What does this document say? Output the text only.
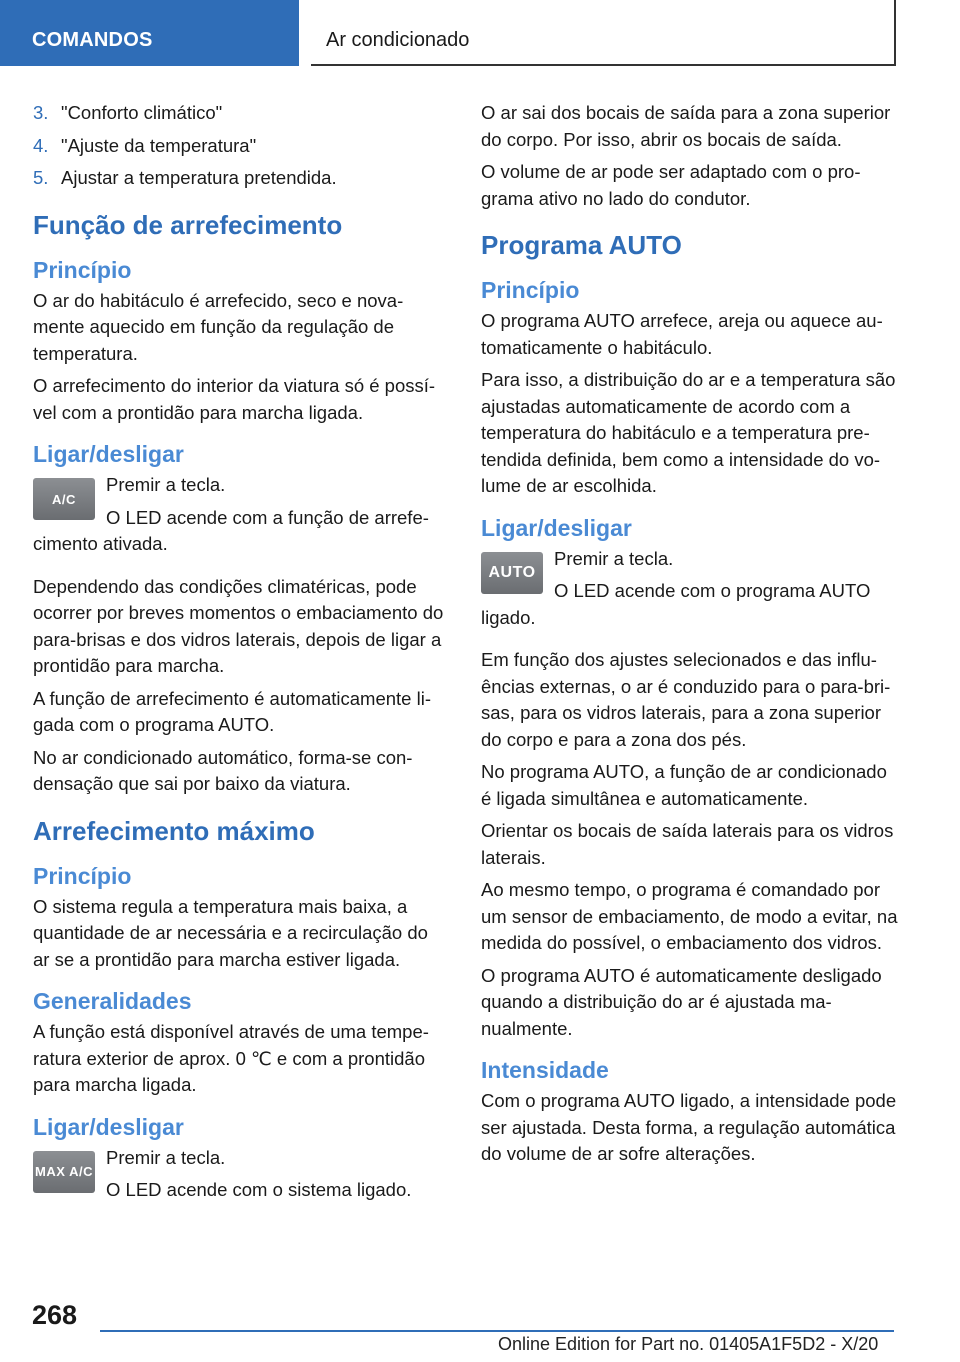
COMANDOS	Ar condicionado
3. "Conforto climático"
4. "Ajuste da temperatura"
5. Ajustar a temperatura pretendida.
Função de arrefecimento
Princípio

O ar do habitáculo é arrefecido, seco e novamente aquecido em função da regulação de temperatura.

O arrefecimento do interior da viatura só é possível com a prontidão para marcha ligada.

Ligar/desligar
A/C

Premir a tecla.

O LED acende com a função de arrefecimento ativada.

Dependendo das condições climatéricas, pode ocorrer por breves momentos o embaciamento do para-brisas e dos vidros laterais, depois de ligar a prontidão para marcha.

A função de arrefecimento é automaticamente ligada com o programa AUTO.

No ar condicionado automático, forma-se condensação que sai por baixo da viatura.

Arrefecimento máximo
Princípio

O sistema regula a temperatura mais baixa, a quantidade de ar necessária e a recirculação do ar se a prontidão para marcha estiver ligada.

Generalidades

A função está disponível através de uma temperatura exterior de aprox. 0 ℃ e com a prontidão para marcha ligada.

Ligar/desligar
MAX A/C

Premir a tecla.

O LED acende com o sistema ligado.

O ar sai dos bocais de saída para a zona superior do corpo. Por isso, abrir os bocais de saída.

O volume de ar pode ser adaptado com o programa ativo no lado do condutor.

Programa AUTO
Princípio

O programa AUTO arrefece, areja ou aquece automaticamente o habitáculo.

Para isso, a distribuição do ar e a temperatura são ajustadas automaticamente de acordo com a temperatura do habitáculo e a temperatura pretendida definida, bem como a intensidade do volume de ar escolhida.

Ligar/desligar
AUTO

Premir a tecla.

O LED acende com o programa AUTO ligado.

Em função dos ajustes selecionados e das influências externas, o ar é conduzido para o para-brisas, para os vidros laterais, para a zona superior do corpo e para a zona dos pés.

No programa AUTO, a função de ar condicionado é ligada simultânea e automaticamente.

Orientar os bocais de saída laterais para os vidros laterais.

Ao mesmo tempo, o programa é comandado por um sensor de embaciamento, de modo a evitar, na medida do possível, o embaciamento dos vidros.

O programa AUTO é automaticamente desligado quando a distribuição do ar é ajustada manualmente.

Intensidade

Com o programa AUTO ligado, a intensidade pode ser ajustada. Desta forma, a regulação automática do volume de ar sofre alterações.

268
Online Edition for Part no. 01405A1F5D2 - X/20
